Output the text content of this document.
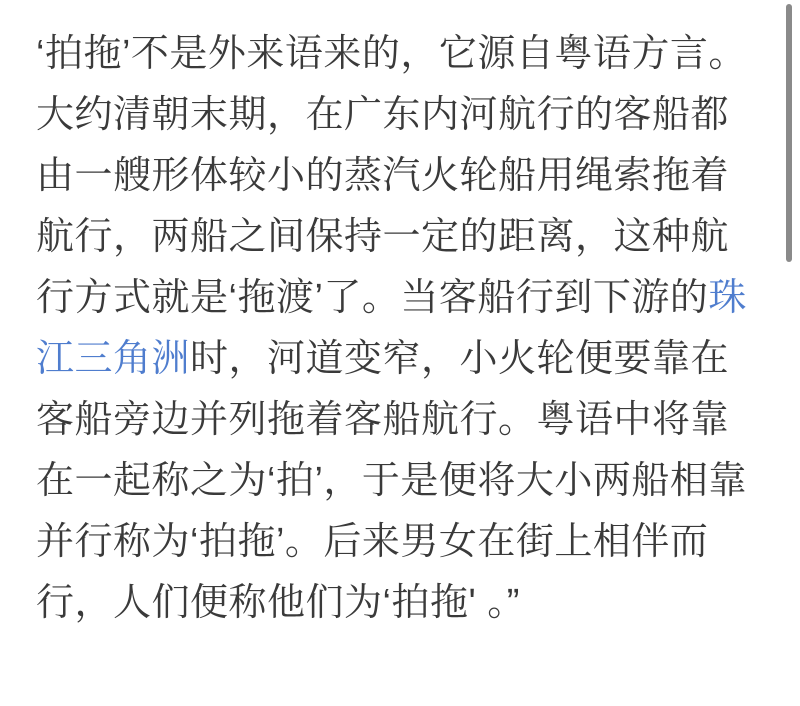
‘拍拖’不是外来语来的，它源自粤语方言。
大约清朝末期，在广东内河航行的客船都
由一艘形体较小的蒸汽火轮船用绳索拖着
航行，两船之间保持一定的距离，这种航
行方式就是‘拖渡’了。当客船行到下游的珠
江三角洲时，河道变窄，小火轮便要靠在
客船旁边并列拖着客船航行。粤语中将靠
在一起称之为‘拍’，于是便将大小两船相靠
并行称为‘拍拖’。后来男女在街上相伴而
行，人们便称他们为‘拍拖' 。”
